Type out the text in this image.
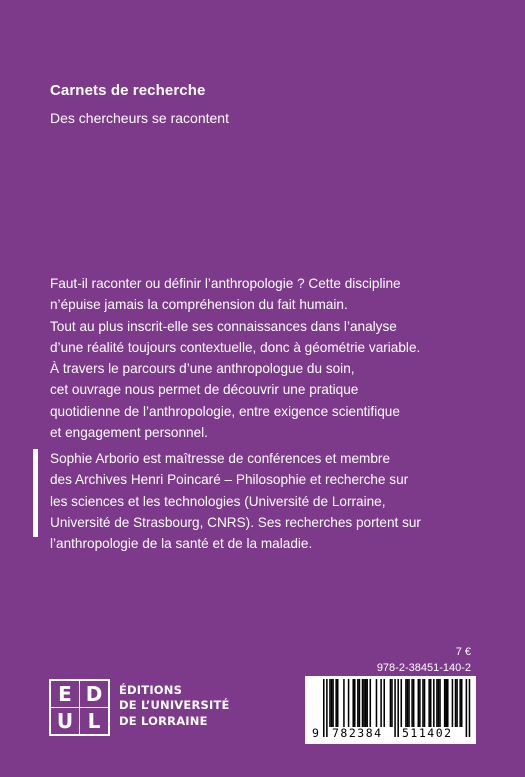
Carnets de recherche
Des chercheurs se racontent
Faut-il raconter ou définir l’anthropologie ? Cette discipline
n’épuise jamais la compréhension du fait humain.
Tout au plus inscrit-elle ses connaissances dans l’analyse
d’une réalité toujours contextuelle, donc à géométrie variable.
À travers le parcours d’une anthropologue du soin,
cet ouvrage nous permet de découvrir une pratique
quotidienne de l’anthropologie, entre exigence scientifique
et engagement personnel.
Sophie Arborio est maîtresse de conférences et membre
des Archives Henri Poincaré – Philosophie et recherche sur
les sciences et les technologies (Université de Lorraine,
Université de Strasbourg, CNRS). Ses recherches portent sur
l’anthropologie de la santé et de la maladie.
E D
U L
ÉDITIONS
DE L’UNIVERSITÉ
DE LORRAINE
7 €
978-2-38451-140-2
9 782384 511402
